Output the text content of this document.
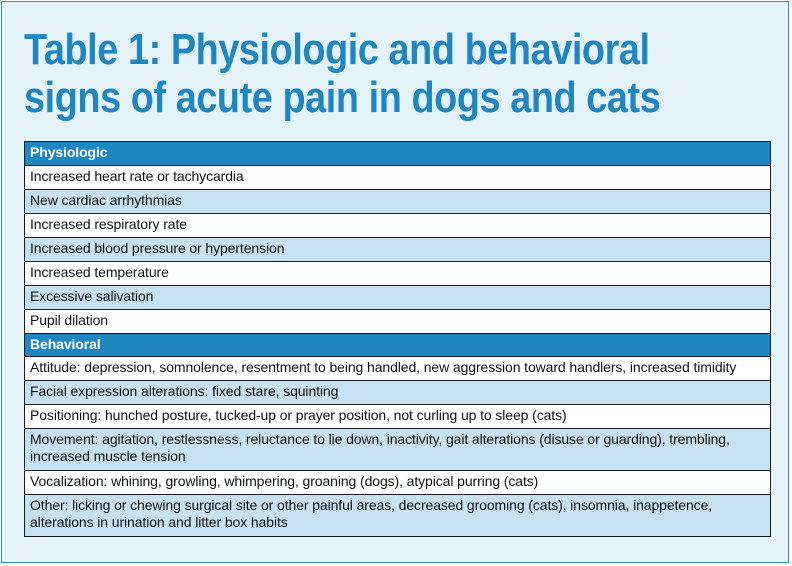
Table 1: Physiologic and behavioral
signs of acute pain in dogs and cats
Physiologic
Increased heart rate or tachycardia
New cardiac arrhythmias
Increased respiratory rate
Increased blood pressure or hypertension
Increased temperature
Excessive salivation
Pupil dilation
Behavioral
Attitude: depression, somnolence, resentment to being handled, new aggression toward handlers, increased timidity
Facial expression alterations: fixed stare, squinting
Positioning: hunched posture, tucked-up or prayer position, not curling up to sleep (cats)
Movement: agitation, restlessness, reluctance to lie down, inactivity, gait alterations (disuse or guarding), trembling, increased muscle tension
Vocalization: whining, growling, whimpering, groaning (dogs), atypical purring (cats)
Other: licking or chewing surgical site or other painful areas, decreased grooming (cats), insomnia, inappetence, alterations in urination and litter box habits
